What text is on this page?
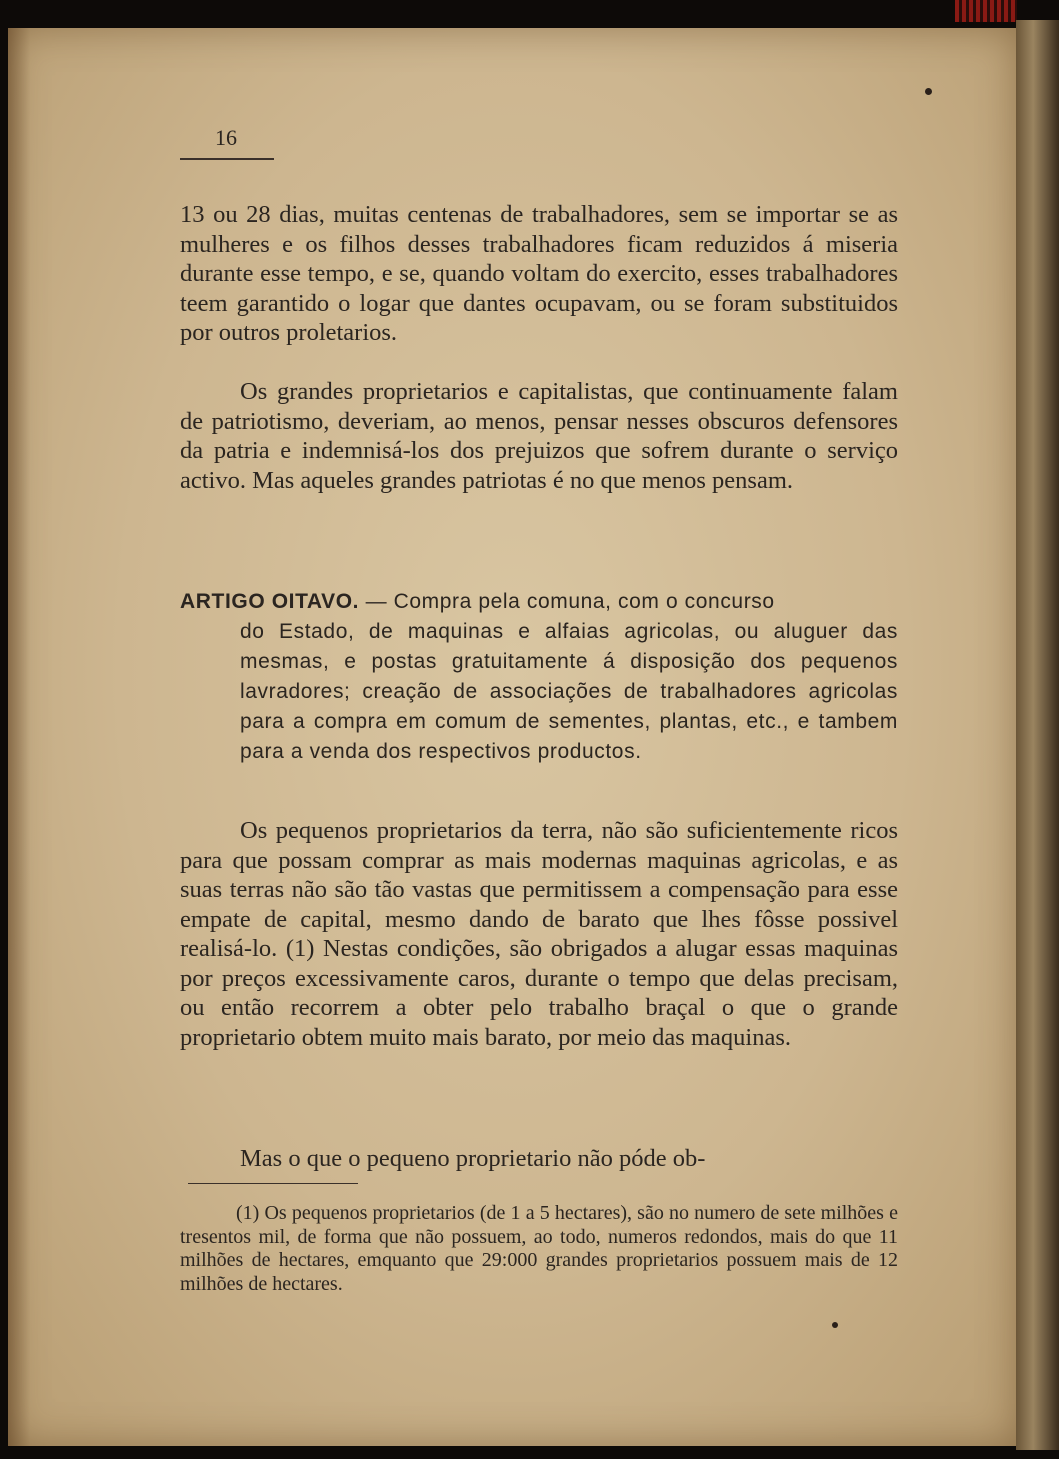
16

13 ou 28 dias, muitas centenas de trabalhadores, sem se importar se as mulheres e os filhos desses trabalhadores ficam reduzidos á miseria durante esse tempo, e se, quando voltam do exercito, esses trabalhadores teem garantido o logar que dantes ocupavam, ou se foram substituidos por outros proletarios.

Os grandes proprietarios e capitalistas, que continuamente falam de patriotismo, deveriam, ao menos, pensar nesses obscuros defensores da patria e indemnisá-los dos prejuizos que sofrem durante o serviço activo. Mas aqueles grandes patriotas é no que menos pensam.

ARTIGO OITAVO. — Compra pela comuna, com o concurso

do Estado, de maquinas e alfaias agricolas, ou aluguer das mesmas, e postas gratuitamente á disposição dos pequenos lavradores; creação de associações de trabalhadores agricolas para a compra em comum de sementes, plantas, etc., e tambem para a venda dos respectivos productos.

Os pequenos proprietarios da terra, não são suficientemente ricos para que possam comprar as mais modernas maquinas agricolas, e as suas terras não são tão vastas que permitissem a compensação para esse empate de capital, mesmo dando de barato que lhes fôsse possivel realisá-lo. (1) Nestas condições, são obrigados a alugar essas maquinas por preços excessivamente caros, durante o tempo que delas precisam, ou então recorrem a obter pelo trabalho braçal o que o grande proprietario obtem muito mais barato, por meio das maquinas.

Mas o que o pequeno proprietario não póde ob-

(1) Os pequenos proprietarios (de 1 a 5 hectares), são no numero de sete milhões e tresentos mil, de forma que não possuem, ao todo, numeros redondos, mais do que 11 milhões de hectares, emquanto que 29:000 grandes proprietarios possuem mais de 12 milhões de hectares.
